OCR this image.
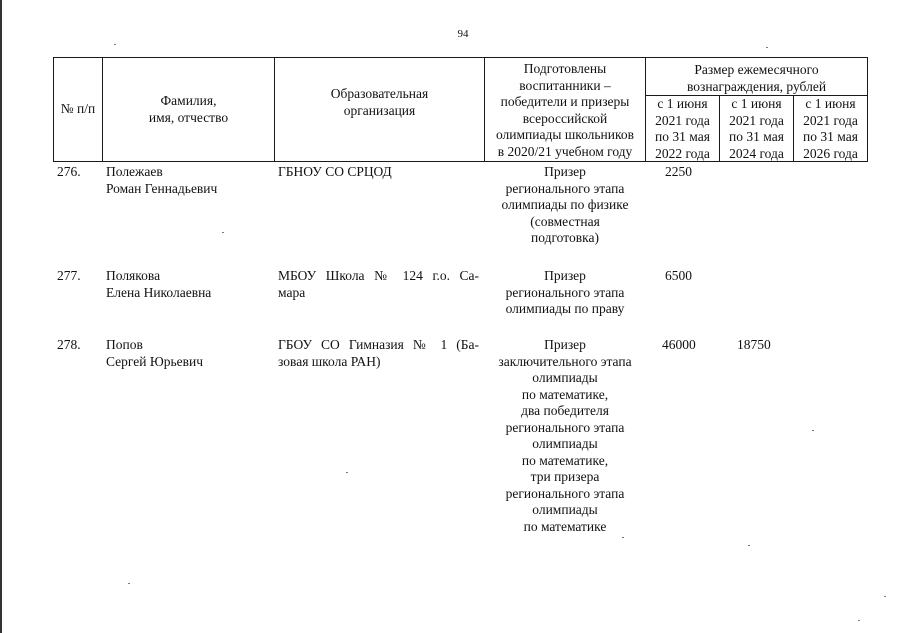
94
№ п/п
Фамилия,
имя, отчество
Образовательная
организация
Подготовлены
воспитанники –
победители и призеры
всероссийской
олимпиады школьников
в 2020/21 учебном году
Размер ежемесячного
вознаграждения, рублей
с 1 июня
2021 года
по 31 мая
2022 года
с 1 июня
2021 года
по 31 мая
2024 года
с 1 июня
2021 года
по 31 мая
2026 года
276. Полежаев
Роман Геннадьевич
ГБНОУ СО СРЦОД	Призер
регионального этапа
олимпиады по физике
(совместная
подготовка)
2250
277. Полякова
Елена Николаевна
МБОУ Школа № 124 г.о. Са-
мара
Призер
регионального этапа
олимпиады по праву
6500
278. Попов
Сергей Юрьевич
ГБОУ СО Гимназия № 1 (Ба-
зовая школа РАН)
Призер
заключительного этапа
олимпиады
по математике,
два победителя
регионального этапа
олимпиады
по математике,
три призера
регионального этапа
олимпиады
по математике
46000	18750
